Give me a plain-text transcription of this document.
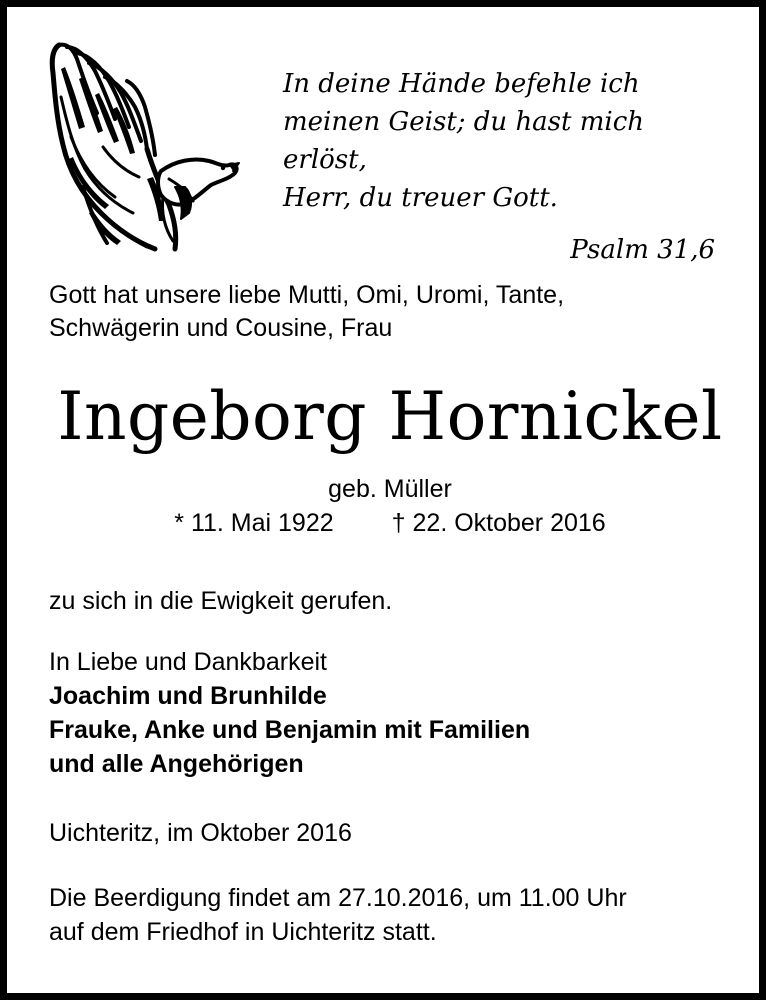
In deine Hände befehle ich
meinen Geist; du hast mich
erlöst,
Herr, du treuer Gott.
Psalm 31,6
Gott hat unsere liebe Mutti, Omi, Uromi, Tante,
Schwägerin und Cousine, Frau
Ingeborg Hornickel
geb. Müller
* 11. Mai 1922 † 22. Oktober 2016
zu sich in die Ewigkeit gerufen.
In Liebe und Dankbarkeit
Joachim und Brunhilde
Frauke, Anke und Benjamin mit Familien
und alle Angehörigen
Uichteritz, im Oktober 2016
Die Beerdigung findet am 27.10.2016, um 11.00 Uhr
auf dem Friedhof in Uichteritz statt.
